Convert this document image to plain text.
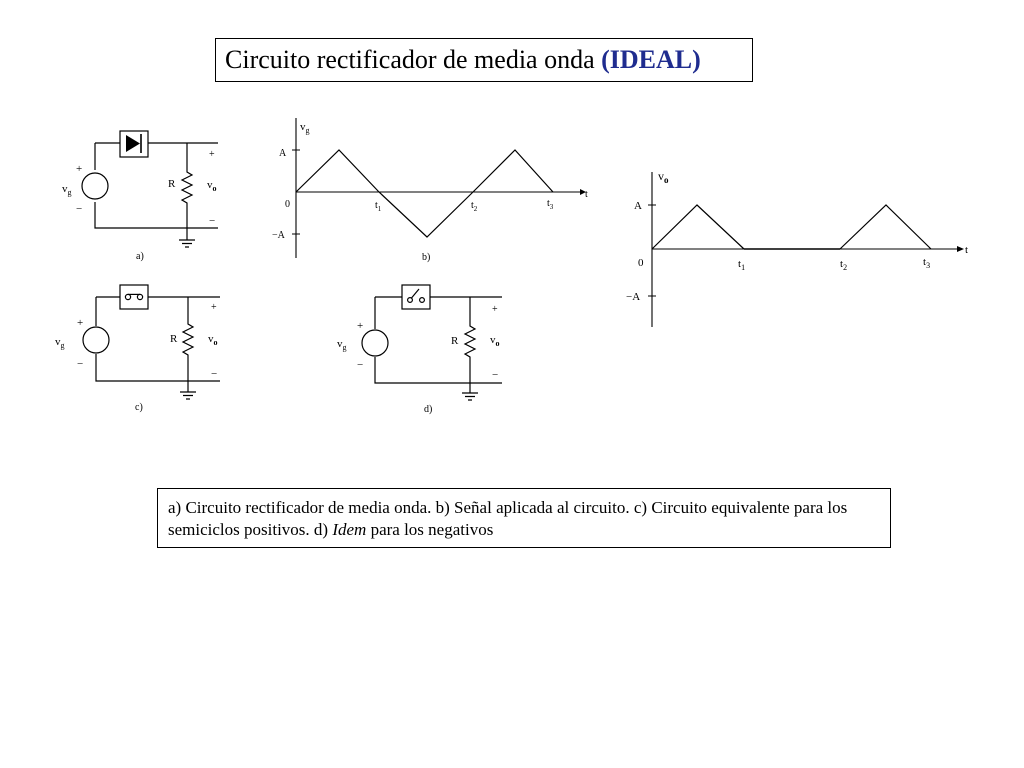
Circuito rectificador de media onda (IDEAL)
+
−
$v_g$
R
+
−
$v_o$
a)
+
−
$v_g$
R
+
−
$v_o$
c)
+
−
$v_g$
R
+
−
$v_o$
d)
$v_g$
t
A
0
−A
$t_1$	$t_2$	$t_3$
b)
$v_o$
t
A
0
−A
$t_1$	$t_2$	$t_3$
a) Circuito rectificador de media onda. b) Señal aplicada al circuito. c) Circuito equivalente para los semiciclos positivos. d) Idem para los negativos
